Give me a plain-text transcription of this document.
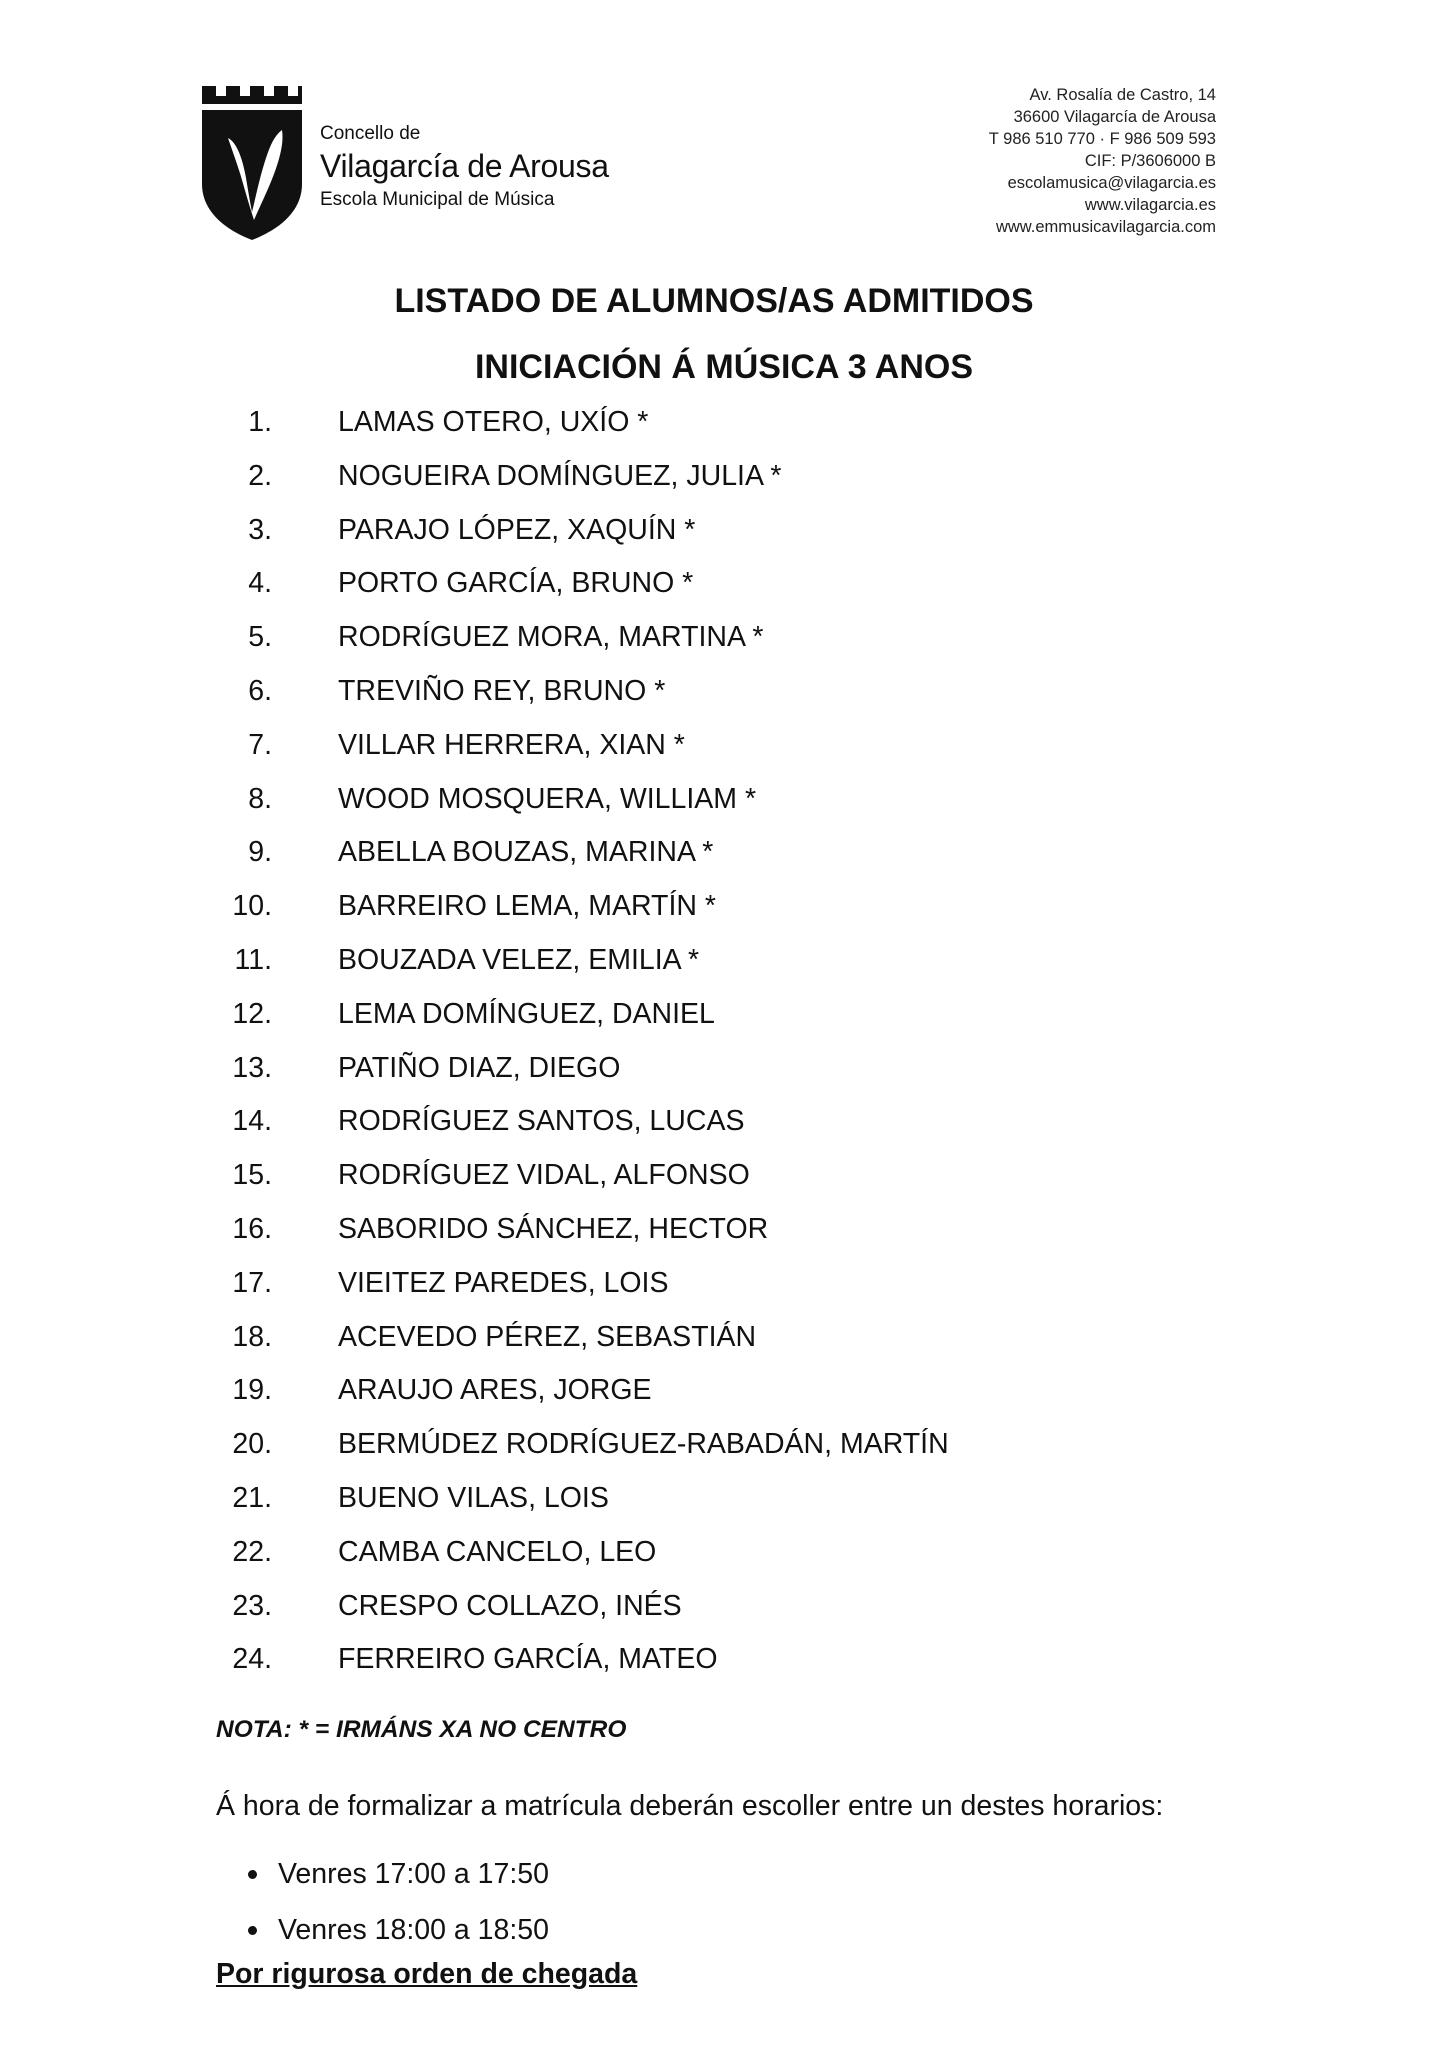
Concello de
Vilagarcía de Arousa
Escola Municipal de Música
Av. Rosalía de Castro, 14
36600 Vilagarcía de Arousa
T 986 510 770 · F 986 509 593
CIF: P/3606000 B
escolamusica@vilagarcia.es
www.vilagarcia.es
www.emmusicavilagarcia.com
LISTADO DE ALUMNOS/AS ADMITIDOS
INICIACIÓN Á MÚSICA 3 ANOS
1. LAMAS OTERO, UXÍO *
2. NOGUEIRA DOMÍNGUEZ, JULIA *
3. PARAJO LÓPEZ, XAQUÍN *
4. PORTO GARCÍA, BRUNO *
5. RODRÍGUEZ MORA, MARTINA *
6. TREVIÑO REY, BRUNO *
7. VILLAR HERRERA, XIAN *
8. WOOD MOSQUERA, WILLIAM *
9. ABELLA BOUZAS, MARINA *
10. BARREIRO LEMA, MARTÍN *
11. BOUZADA VELEZ, EMILIA *
12. LEMA DOMÍNGUEZ, DANIEL
13. PATIÑO DIAZ, DIEGO
14. RODRÍGUEZ SANTOS, LUCAS
15. RODRÍGUEZ VIDAL, ALFONSO
16. SABORIDO SÁNCHEZ, HECTOR
17. VIEITEZ PAREDES, LOIS
18. ACEVEDO PÉREZ, SEBASTIÁN
19. ARAUJO ARES, JORGE
20. BERMÚDEZ RODRÍGUEZ-RABADÁN, MARTÍN
21. BUENO VILAS, LOIS
22. CAMBA CANCELO, LEO
23. CRESPO COLLAZO, INÉS
24. FERREIRO GARCÍA, MATEO
NOTA: * = IRMÁNS XA NO CENTRO
Á hora de formalizar a matrícula deberán escoller entre un destes horarios:
Venres 17:00 a 17:50
Venres 18:00 a 18:50
Por rigurosa orden de chegada
